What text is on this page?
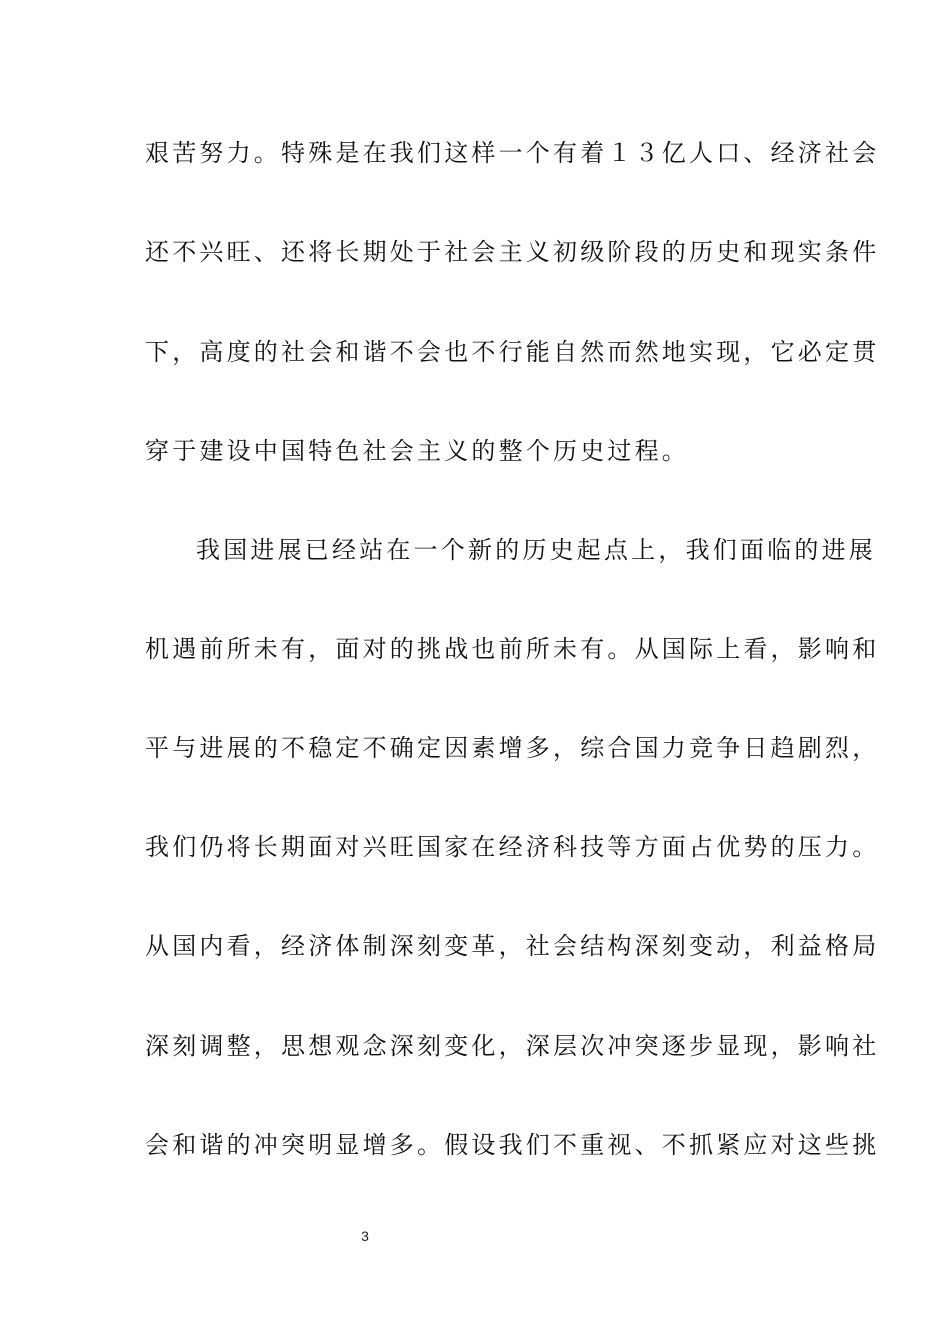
艰苦努力。特殊是在我们这样一个有着１３亿人口、经济社会
还不兴旺、还将长期处于社会主义初级阶段的历史和现实条件
下，高度的社会和谐不会也不行能自然而然地实现，它必定贯
穿于建设中国特色社会主义的整个历史过程。
我国进展已经站在一个新的历史起点上，我们面临的进展
机遇前所未有，面对的挑战也前所未有。从国际上看，影响和
平与进展的不稳定不确定因素增多，综合国力竞争日趋剧烈，
我们仍将长期面对兴旺国家在经济科技等方面占优势的压力。
从国内看，经济体制深刻变革，社会结构深刻变动，利益格局
深刻调整，思想观念深刻变化，深层次冲突逐步显现，影响社
会和谐的冲突明显增多。假设我们不重视、不抓紧应对这些挑
3
